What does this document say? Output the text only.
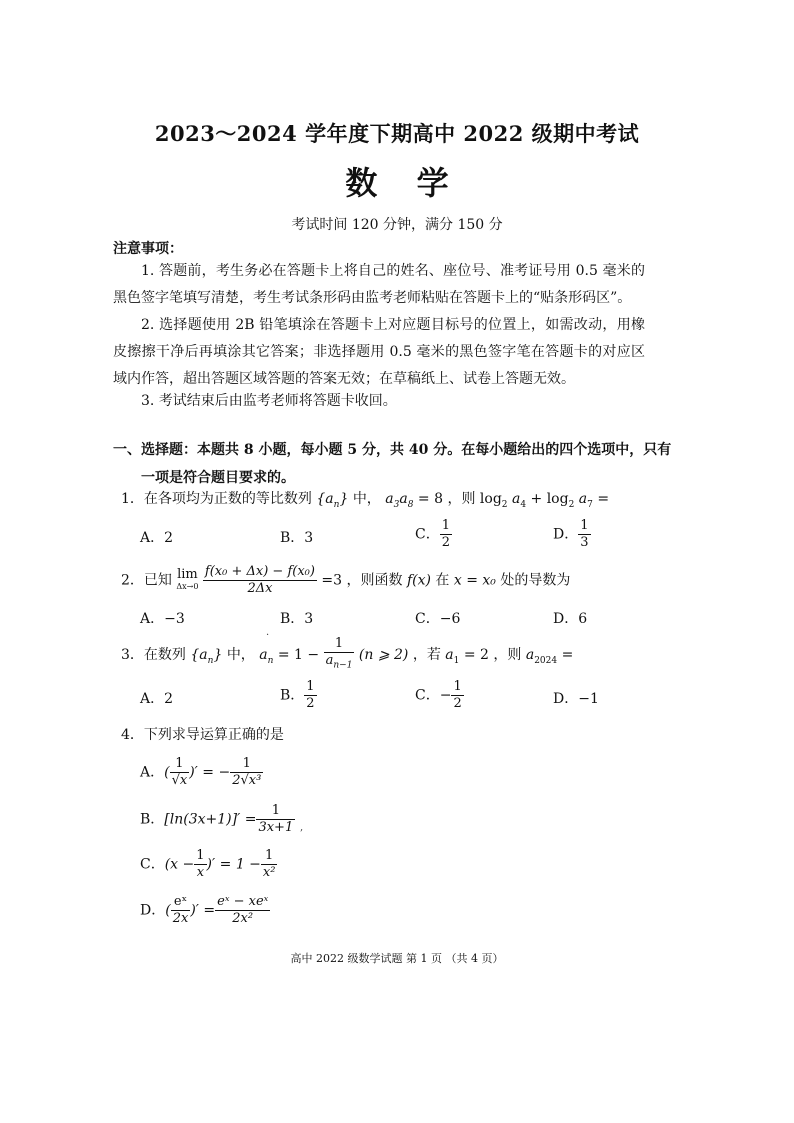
2023～2024 学年度下期高中 2022 级期中考试
数 学
考试时间 120 分钟，满分 150 分
注意事项：
1. 答题前，考生务必在答题卡上将自己的姓名、座位号、准考证号用 0.5 毫米的黑色签字笔填写清楚，考生考试条形码由监考老师粘贴在答题卡上的“贴条形码区”。
2. 选择题使用 2B 铅笔填涂在答题卡上对应题目标号的位置上，如需改动，用橡皮擦擦干净后再填涂其它答案；非选择题用 0.5 毫米的黑色签字笔在答题卡的对应区域内作答，超出答题区域答题的答案无效；在草稿纸上、试卷上答题无效。
3. 考试结束后由监考老师将答题卡收回。
一、选择题：本题共 8 小题，每小题 5 分，共 40 分。在每小题给出的四个选项中，只有一项是符合题目要求的。
1．在各项均为正数的等比数列 $\{a_n\}$ 中， $a_3a_8 = 8$ ，则 $\log_2 a_4 + \log_2 a_7$ =
A．2	B．3	C． $\frac{1}{2}$	D． $\frac{1}{3}$
2．已知 lim
Δx→0
$\frac{\text{f(x₀ + Δx) − f(x₀)}}{2\Delta x} =3$ ，则函数 f(x) 在 x = x₀ 处的导数为
A．−3	B．3	C．−6	D．6
3．在数列 $\{a_n\}$ 中， $a_n = 1 - \frac{1}{a_{n-1}} (n$ ⩾ 2) ，若 $a_1 = 2$ ，则 $a_{2024}$ =
A．2	B． $\frac{1}{2}$	C．− $\frac{1}{2}$	D．−1
4．下列求导运算正确的是
A．( $\frac{1}{√x}$ )′ = − $\frac{1}{\text{2√x³}}$
B．$[\ln(3x+1)]' = \frac{1}{3x+1}$
C．($x - \frac{1}{x}$ )′ = $1 - \frac{1}{\text{x²}}$
D．( $\frac{\text{eˣ}}{2x}$ )′ = $\frac{\text{eˣ − xeˣ}}{\text{2x²}}$
·
,
高中 2022 级数学试题 第 1 页 （共 4 页）
